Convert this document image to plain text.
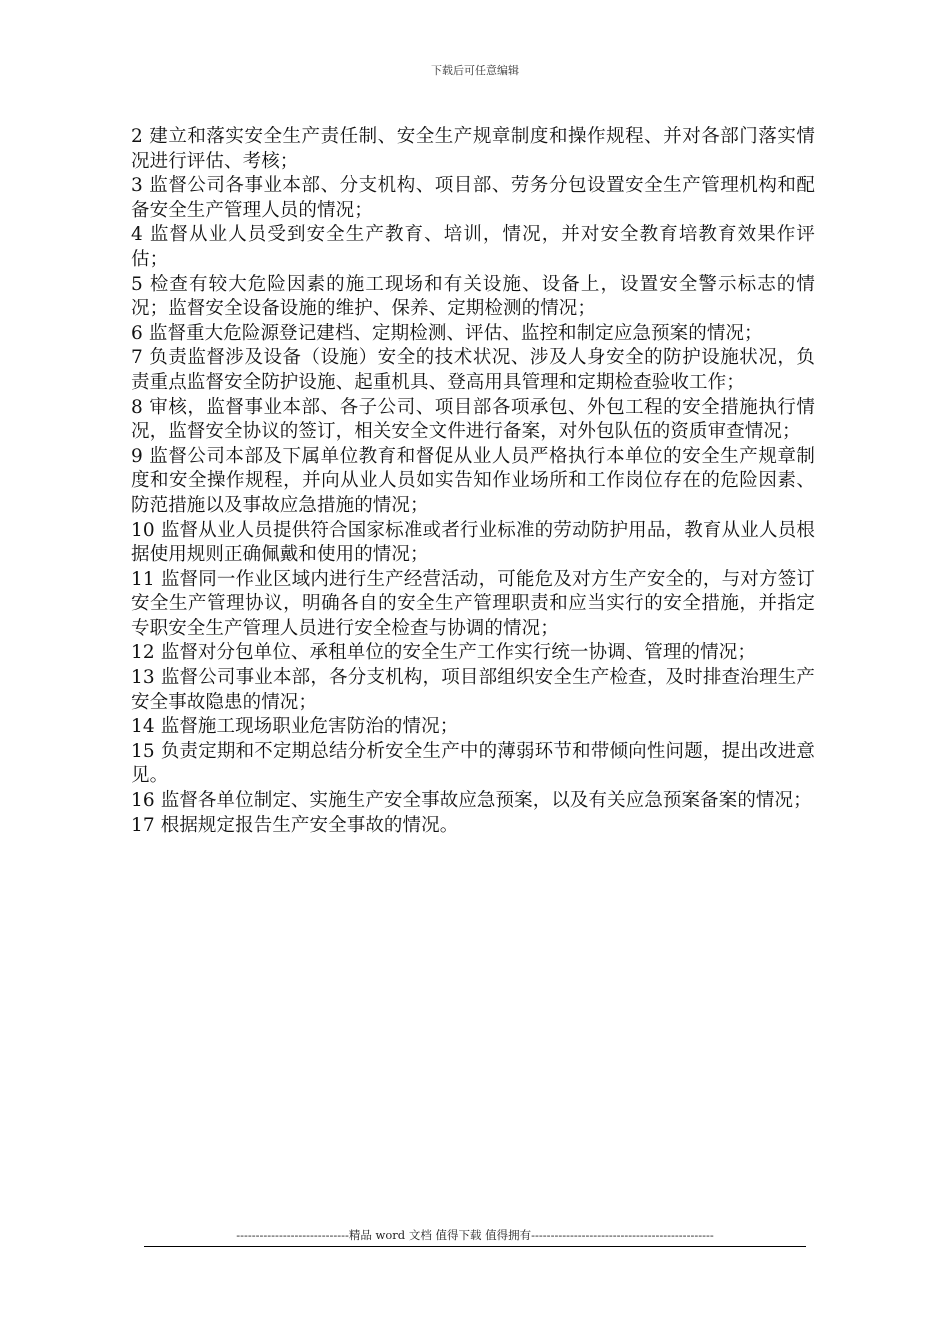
下载后可任意编辑

2 建立和落实安全生产责任制、安全生产规章制度和操作规程、并对各部门落实情况进行评估、考核；

3 监督公司各事业本部、分支机构、项目部、劳务分包设置安全生产管理机构和配备安全生产管理人员的情况；

4 监督从业人员受到安全生产教育、培训，情况，并对安全教育培教育效果作评估；

5 检查有较大危险因素的施工现场和有关设施、设备上，设置安全警示标志的情况；监督安全设备设施的维护、保养、定期检测的情况；

6 监督重大危险源登记建档、定期检测、评估、监控和制定应急预案的情况；

7 负责监督涉及设备（设施）安全的技术状况、涉及人身安全的防护设施状况，负责重点监督安全防护设施、起重机具、登高用具管理和定期检查验收工作；

8 审核，监督事业本部、各子公司、项目部各项承包、外包工程的安全措施执行情况，监督安全协议的签订，相关安全文件进行备案，对外包队伍的资质审查情况；

9 监督公司本部及下属单位教育和督促从业人员严格执行本单位的安全生产规章制度和安全操作规程，并向从业人员如实告知作业场所和工作岗位存在的危险因素、防范措施以及事故应急措施的情况；

10 监督从业人员提供符合国家标准或者行业标准的劳动防护用品，教育从业人员根据使用规则正确佩戴和使用的情况；

11 监督同一作业区域内进行生产经营活动，可能危及对方生产安全的，与对方签订安全生产管理协议，明确各自的安全生产管理职责和应当实行的安全措施，并指定专职安全生产管理人员进行安全检查与协调的情况；

12 监督对分包单位、承租单位的安全生产工作实行统一协调、管理的情况；

13 监督公司事业本部，各分支机构，项目部组织安全生产检查，及时排查治理生产安全事故隐患的情况；

14 监督施工现场职业危害防治的情况；

15 负责定期和不定期总结分析安全生产中的薄弱环节和带倾向性问题，提出改进意见。

16 监督各单位制定、实施生产安全事故应急预案，以及有关应急预案备案的情况；

17 根据规定报告生产安全事故的情况。

-----------------------------精品 word 文档 值得下载 值得拥有-----------------------------------------------
